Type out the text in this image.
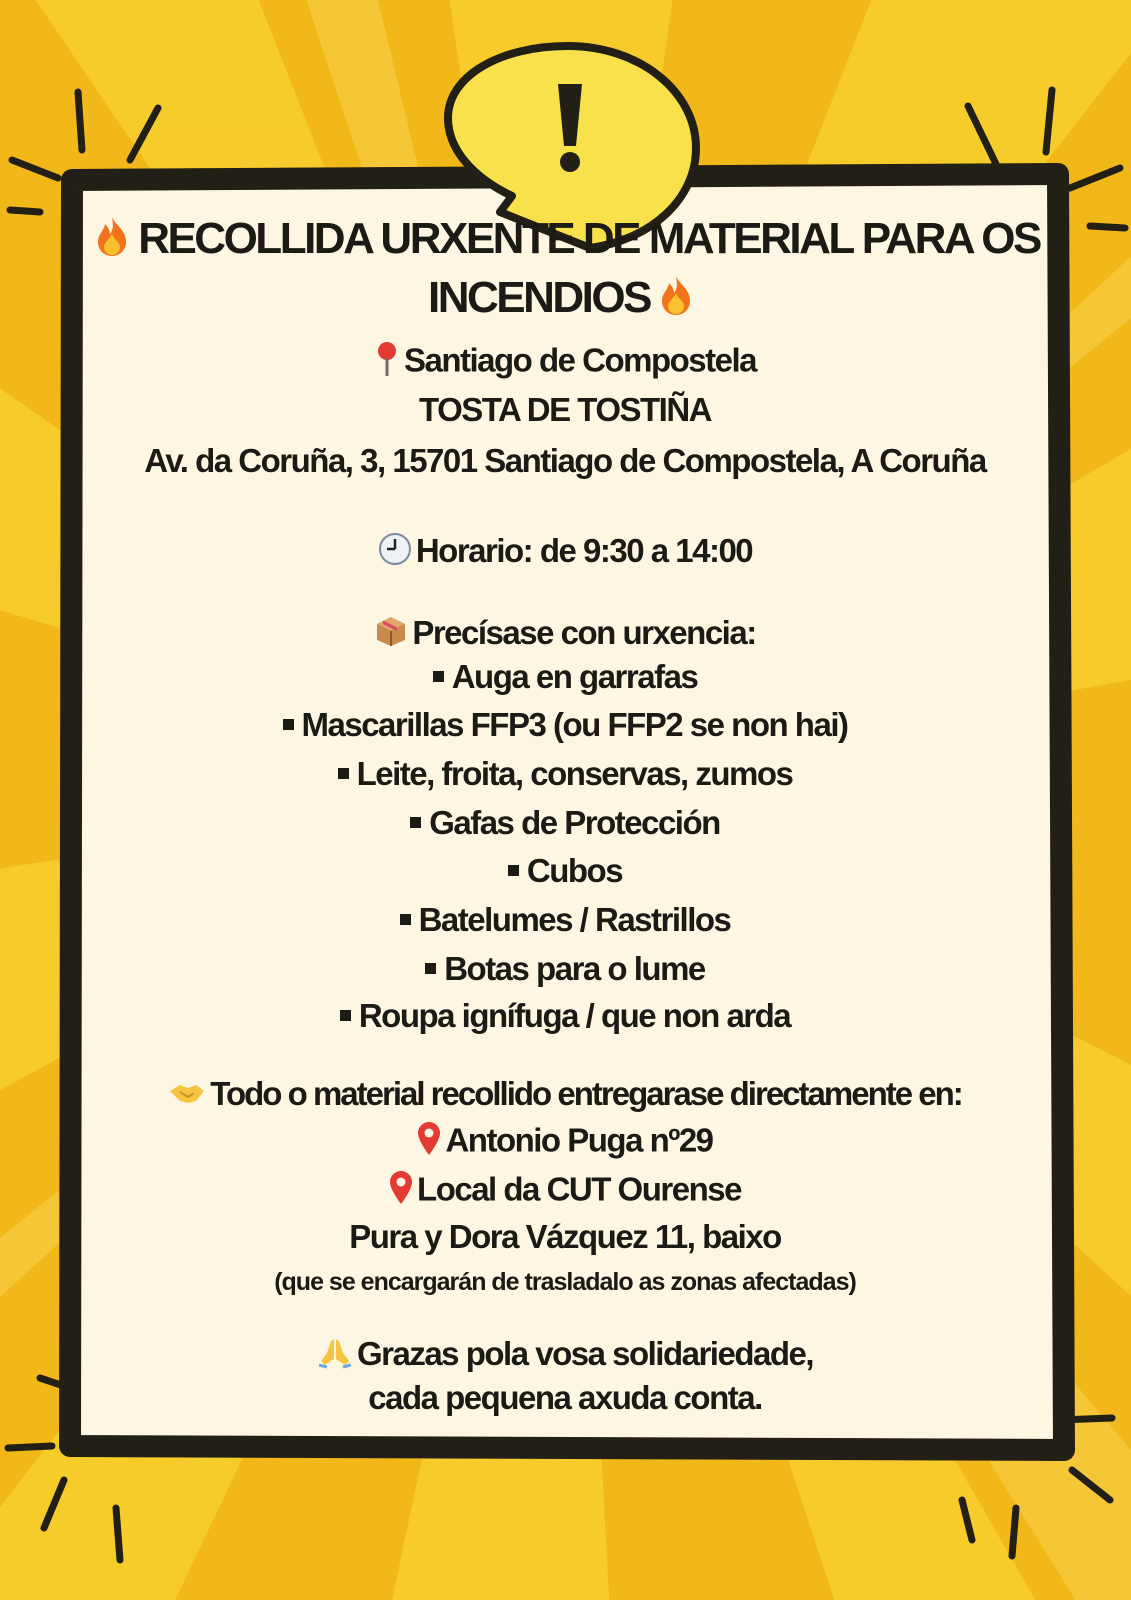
RECOLLIDA URXENTE DE MATERIAL PARA OS
INCENDIOS
Santiago de Compostela
TOSTA DE TOSTIÑA
Av. da Coruña, 3, 15701 Santiago de Compostela, A Coruña
Horario: de 9:30 a 14:00
Precísase con urxencia:
Auga en garrafas
Mascarillas FFP3 (ou FFP2 se non hai)
Leite, froita, conservas, zumos
Gafas de Protección
Cubos
Batelumes / Rastrillos
Botas para o lume
Roupa ignífuga / que non arda
Todo o material recollido entregarase directamente en:
Antonio Puga nº29
Local da CUT Ourense
Pura y Dora Vázquez 11, baixo
(que se encargarán de trasladalo as zonas afectadas)
Grazas pola vosa solidariedade,
cada pequena axuda conta.
